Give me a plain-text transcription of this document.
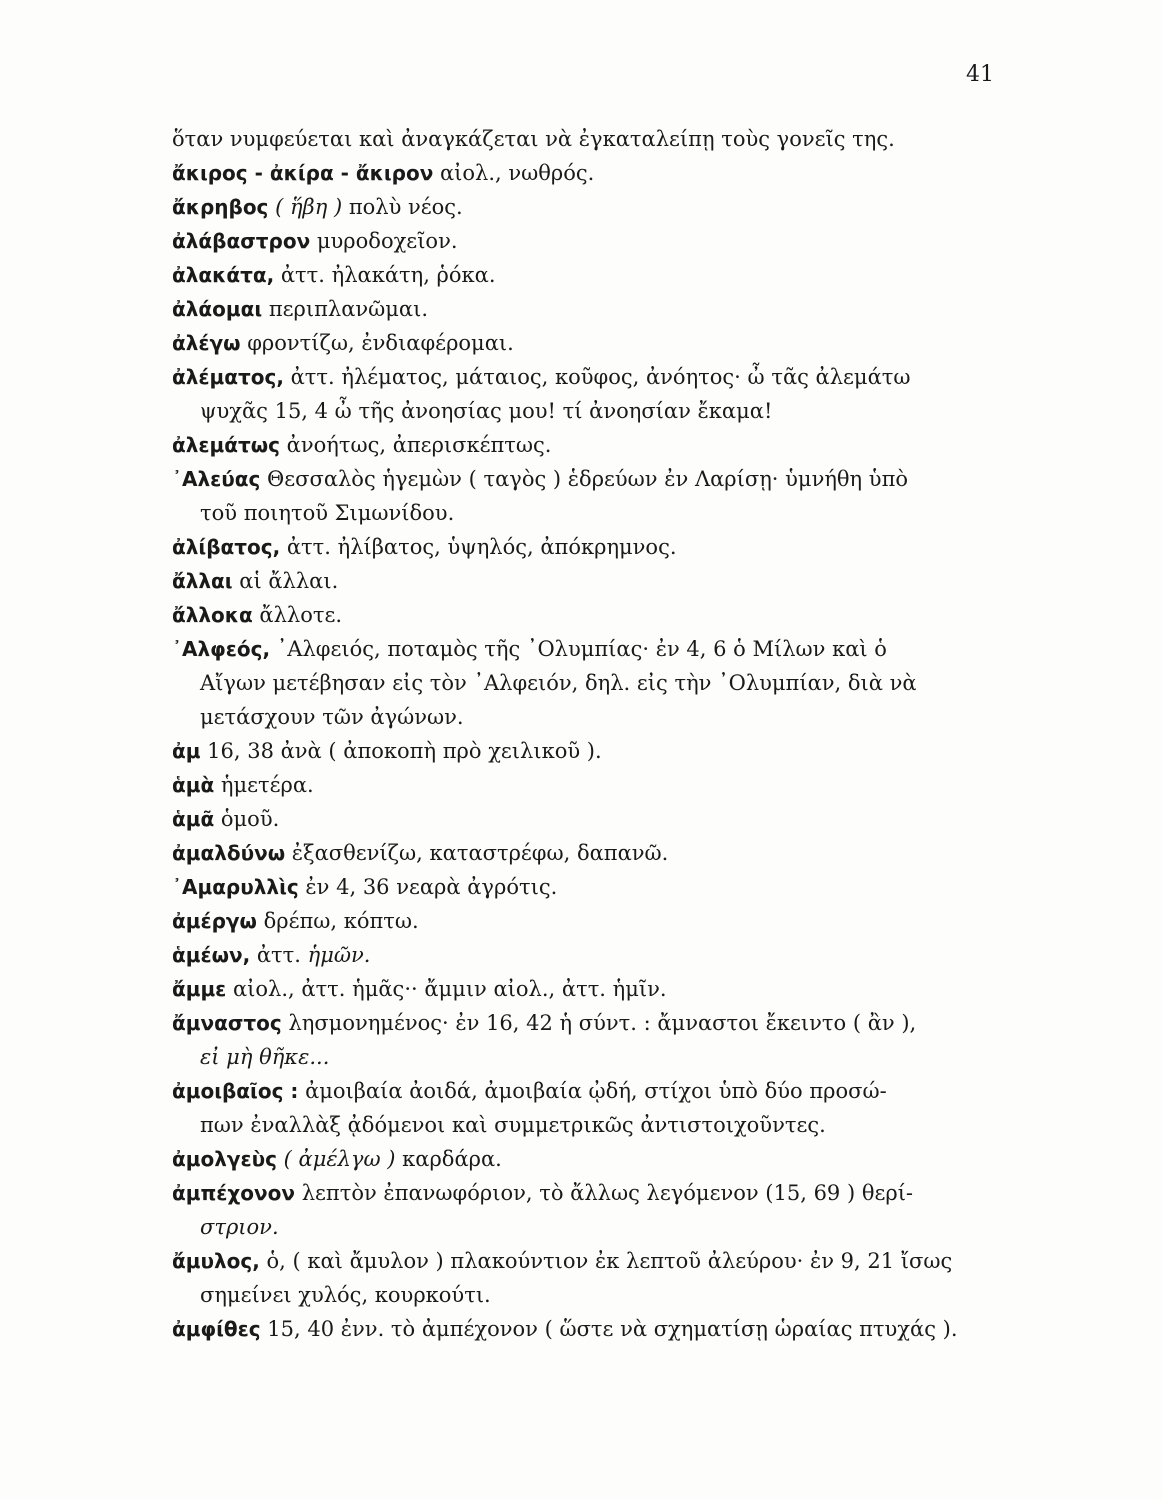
41
ὅταν νυμφεύεται καὶ ἀναγκάζεται νὰ ἐγκαταλείπῃ τοὺς γονεῖς της.
ἄκιρος - ἀκίρα - ἄκιρον αἰολ., νωθρός.
ἄκρηβος ( ἥβη ) πολὺ νέος.
ἀλάβαστρον μυροδοχεῖον.
ἀλακάτα, ἀττ. ἠλακάτη, ῥόκα.
ἀλάομαι περιπλανῶμαι.
ἀλέγω φροντίζω, ἐνδιαφέρομαι.
ἀλέματος, ἀττ. ἠλέματος, μάταιος, κοῦφος, ἀνόητος· ὦ τᾶς ἀλεμάτω
ψυχᾶς 15, 4 ὦ τῆς ἀνοησίας μου! τί ἀνοησίαν ἔκαμα!
ἀλεμάτως ἀνοήτως, ἀπερισκέπτως.
᾿Αλεύας Θεσσαλὸς ἡγεμὼν ( ταγὸς ) ἑδρεύων ἐν Λαρίσῃ· ὑμνήθη ὑπὸ
τοῦ ποιητοῦ Σιμωνίδου.
ἀλίβατος, ἀττ. ἠλίβατος, ὑψηλός, ἀπόκρημνος.
ἄλλαι αἱ ἄλλαι.
ἄλλοκα ἄλλοτε.
᾿Αλφεός, ᾿Αλφειός, ποταμὸς τῆς ᾿Ολυμπίας· ἐν 4, 6 ὁ Μίλων καὶ ὁ
Αἴγων μετέβησαν εἰς τὸν ᾿Αλφειόν, δηλ. εἰς τὴν ᾿Ολυμπίαν, διὰ νὰ
μετάσχουν τῶν ἀγώνων.
ἀμ 16, 38 ἀνὰ ( ἀποκοπὴ πρὸ χειλικοῦ ).
ἁμὰ ἡμετέρα.
ἁμᾶ ὁμοῦ.
ἀμαλδύνω ἐξασθενίζω, καταστρέφω, δαπανῶ.
᾿Αμαρυλλὶς ἐν 4, 36 νεαρὰ ἀγρότις.
ἀμέργω δρέπω, κόπτω.
ἁμέων, ἀττ. ἡμῶν.
ἄμμε αἰολ., ἀττ. ἡμᾶς·· ἄμμιν αἰολ., ἀττ. ἡμῖν.
ἄμναστος λησμονημένος· ἐν 16, 42 ἡ σύντ. : ἄμναστοι ἔκειντο ( ἂν ),
εἰ μὴ θῆκε...
ἀμοιβαῖος : ἀμοιβαία ἀοιδά, ἀμοιβαία ᾠδή, στίχοι ὑπὸ δύο προσώ-
πων ἐναλλὰξ ᾀδόμενοι καὶ συμμετρικῶς ἀντιστοιχοῦντες.
ἀμολγεὺς ( ἀμέλγω ) καρδάρα.
ἀμπέχονον λεπτὸν ἐπανωφόριον, τὸ ἄλλως λεγόμενον (15, 69 ) θερί-
στριον.
ἄμυλος, ὁ, ( καὶ ἄμυλον ) πλακούντιον ἐκ λεπτοῦ ἀλεύρου· ἐν 9, 21 ἴσως
σημείνει χυλός, κουρκούτι.
ἀμφίθες 15, 40 ἐνν. τὸ ἀμπέχονον ( ὥστε νὰ σχηματίσῃ ὡραίας πτυχάς ).
